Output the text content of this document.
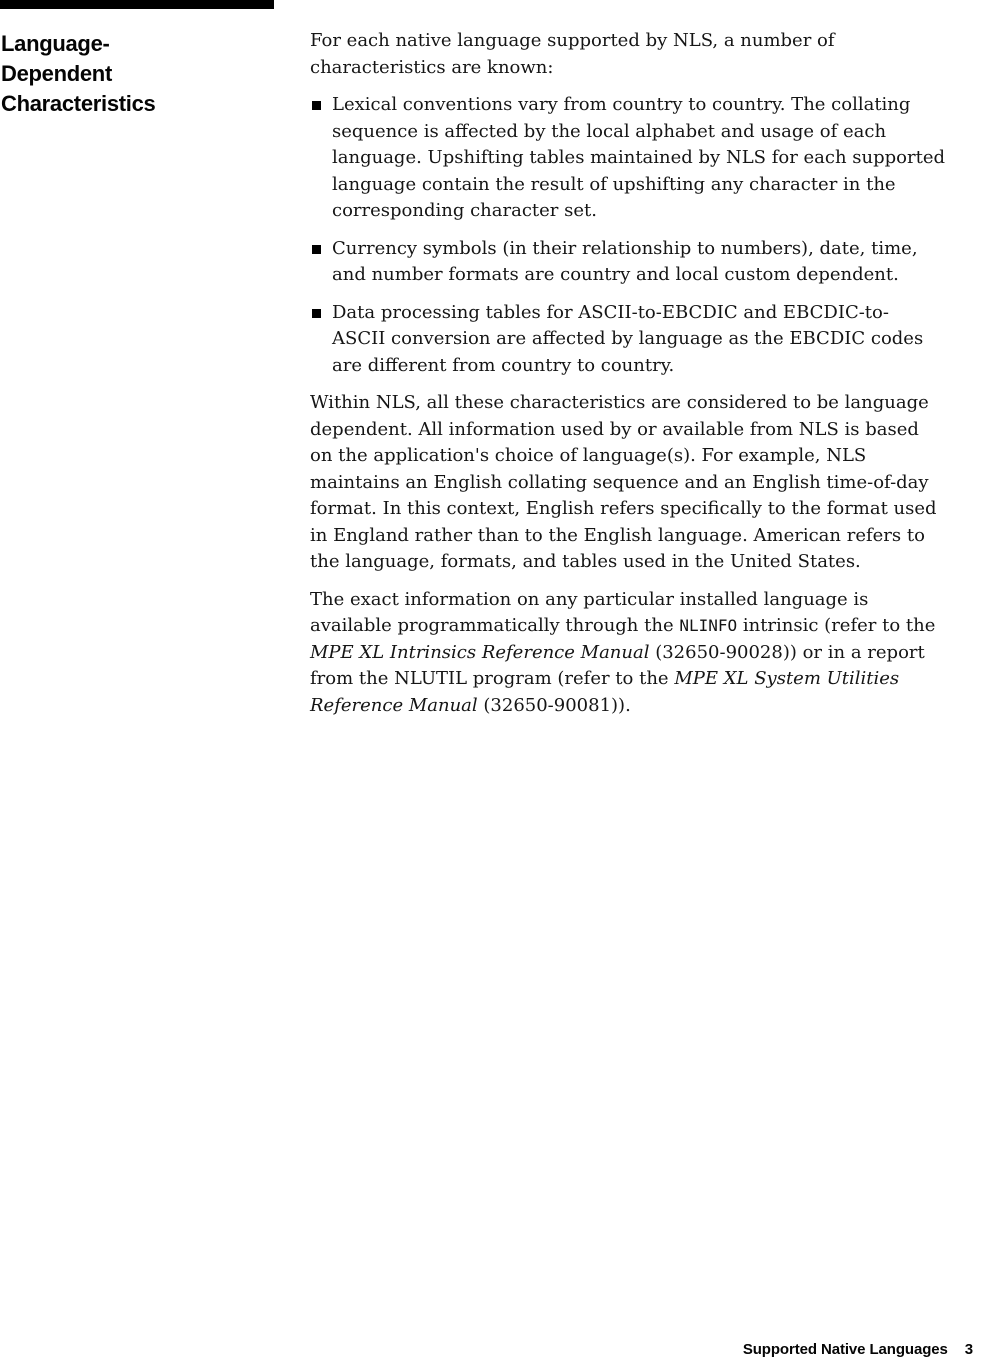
Language-
Dependent
Characteristics
For each native language supported by NLS, a number of
characteristics are known:
Lexical conventions vary from country to country. The collating
sequence is affected by the local alphabet and usage of each
language. Upshifting tables maintained by NLS for each supported
language contain the result of upshifting any character in the
corresponding character set.
Currency symbols (in their relationship to numbers), date, time,
and number formats are country and local custom dependent.
Data processing tables for ASCII-to-EBCDIC and EBCDIC-to-
ASCII conversion are affected by language as the EBCDIC codes
are different from country to country.
Within NLS, all these characteristics are considered to be language
dependent. All information used by or available from NLS is based
on the application's choice of language(s). For example, NLS
maintains an English collating sequence and an English time-of-day
format. In this context, English refers specifically to the format used
in England rather than to the English language. American refers to
the language, formats, and tables used in the United States.
The exact information on any particular installed language is
available programmatically through the NLINFO intrinsic (refer to the
MPE XL Intrinsics Reference Manual (32650-90028)) or in a report
from the NLUTIL program (refer to the MPE XL System Utilities
Reference Manual (32650-90081)).
Supported Native Languages 3
